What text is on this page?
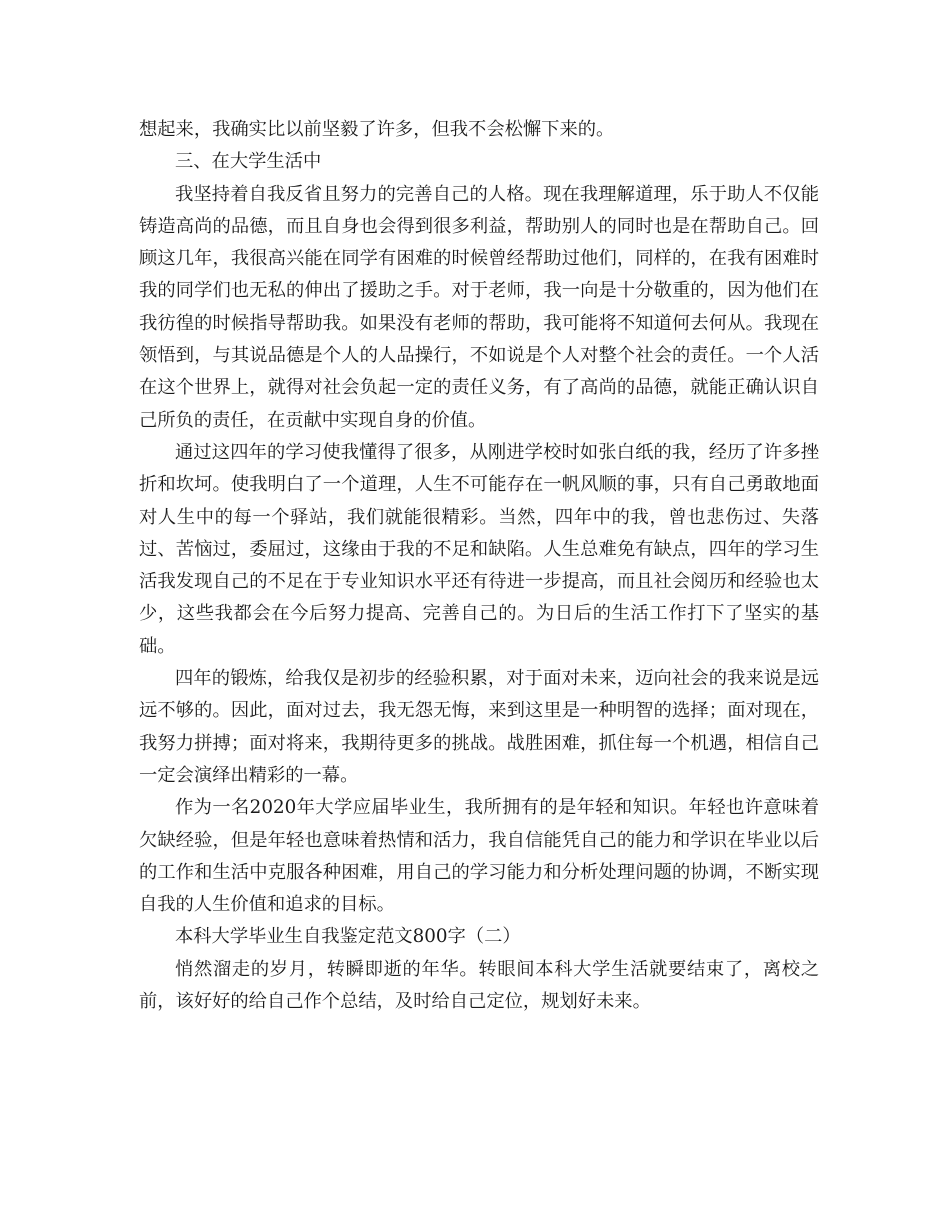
想起来，我确实比以前坚毅了许多，但我不会松懈下来的。

三、在大学生活中

我坚持着自我反省且努力的完善自己的人格。现在我理解道理，乐于助人不仅能铸造高尚的品德，而且自身也会得到很多利益，帮助别人的同时也是在帮助自己。回顾这几年，我很高兴能在同学有困难的时候曾经帮助过他们，同样的，在我有困难时我的同学们也无私的伸出了援助之手。对于老师，我一向是十分敬重的，因为他们在我彷徨的时候指导帮助我。如果没有老师的帮助，我可能将不知道何去何从。我现在领悟到，与其说品德是个人的人品操行，不如说是个人对整个社会的责任。一个人活在这个世界上，就得对社会负起一定的责任义务，有了高尚的品德，就能正确认识自己所负的责任，在贡献中实现自身的价值。

通过这四年的学习使我懂得了很多，从刚进学校时如张白纸的我，经历了许多挫折和坎坷。使我明白了一个道理，人生不可能存在一帆风顺的事，只有自己勇敢地面对人生中的每一个驿站，我们就能很精彩。当然，四年中的我，曾也悲伤过、失落过、苦恼过，委屈过，这缘由于我的不足和缺陷。人生总难免有缺点，四年的学习生活我发现自己的不足在于专业知识水平还有待进一步提高，而且社会阅历和经验也太少，这些我都会在今后努力提高、完善自己的。为日后的生活工作打下了坚实的基础。

四年的锻炼，给我仅是初步的经验积累，对于面对未来，迈向社会的我来说是远远不够的。因此，面对过去，我无怨无悔，来到这里是一种明智的选择；面对现在，我努力拼搏；面对将来，我期待更多的挑战。战胜困难，抓住每一个机遇，相信自己一定会演绎出精彩的一幕。

作为一名2020年大学应届毕业生，我所拥有的是年轻和知识。年轻也许意味着欠缺经验，但是年轻也意味着热情和活力，我自信能凭自己的能力和学识在毕业以后的工作和生活中克服各种困难，用自己的学习能力和分析处理问题的协调，不断实现自我的人生价值和追求的目标。

本科大学毕业生自我鉴定范文800字（二）

悄然溜走的岁月，转瞬即逝的年华。转眼间本科大学生活就要结束了，离校之前，该好好的给自己作个总结，及时给自己定位，规划好未来。
